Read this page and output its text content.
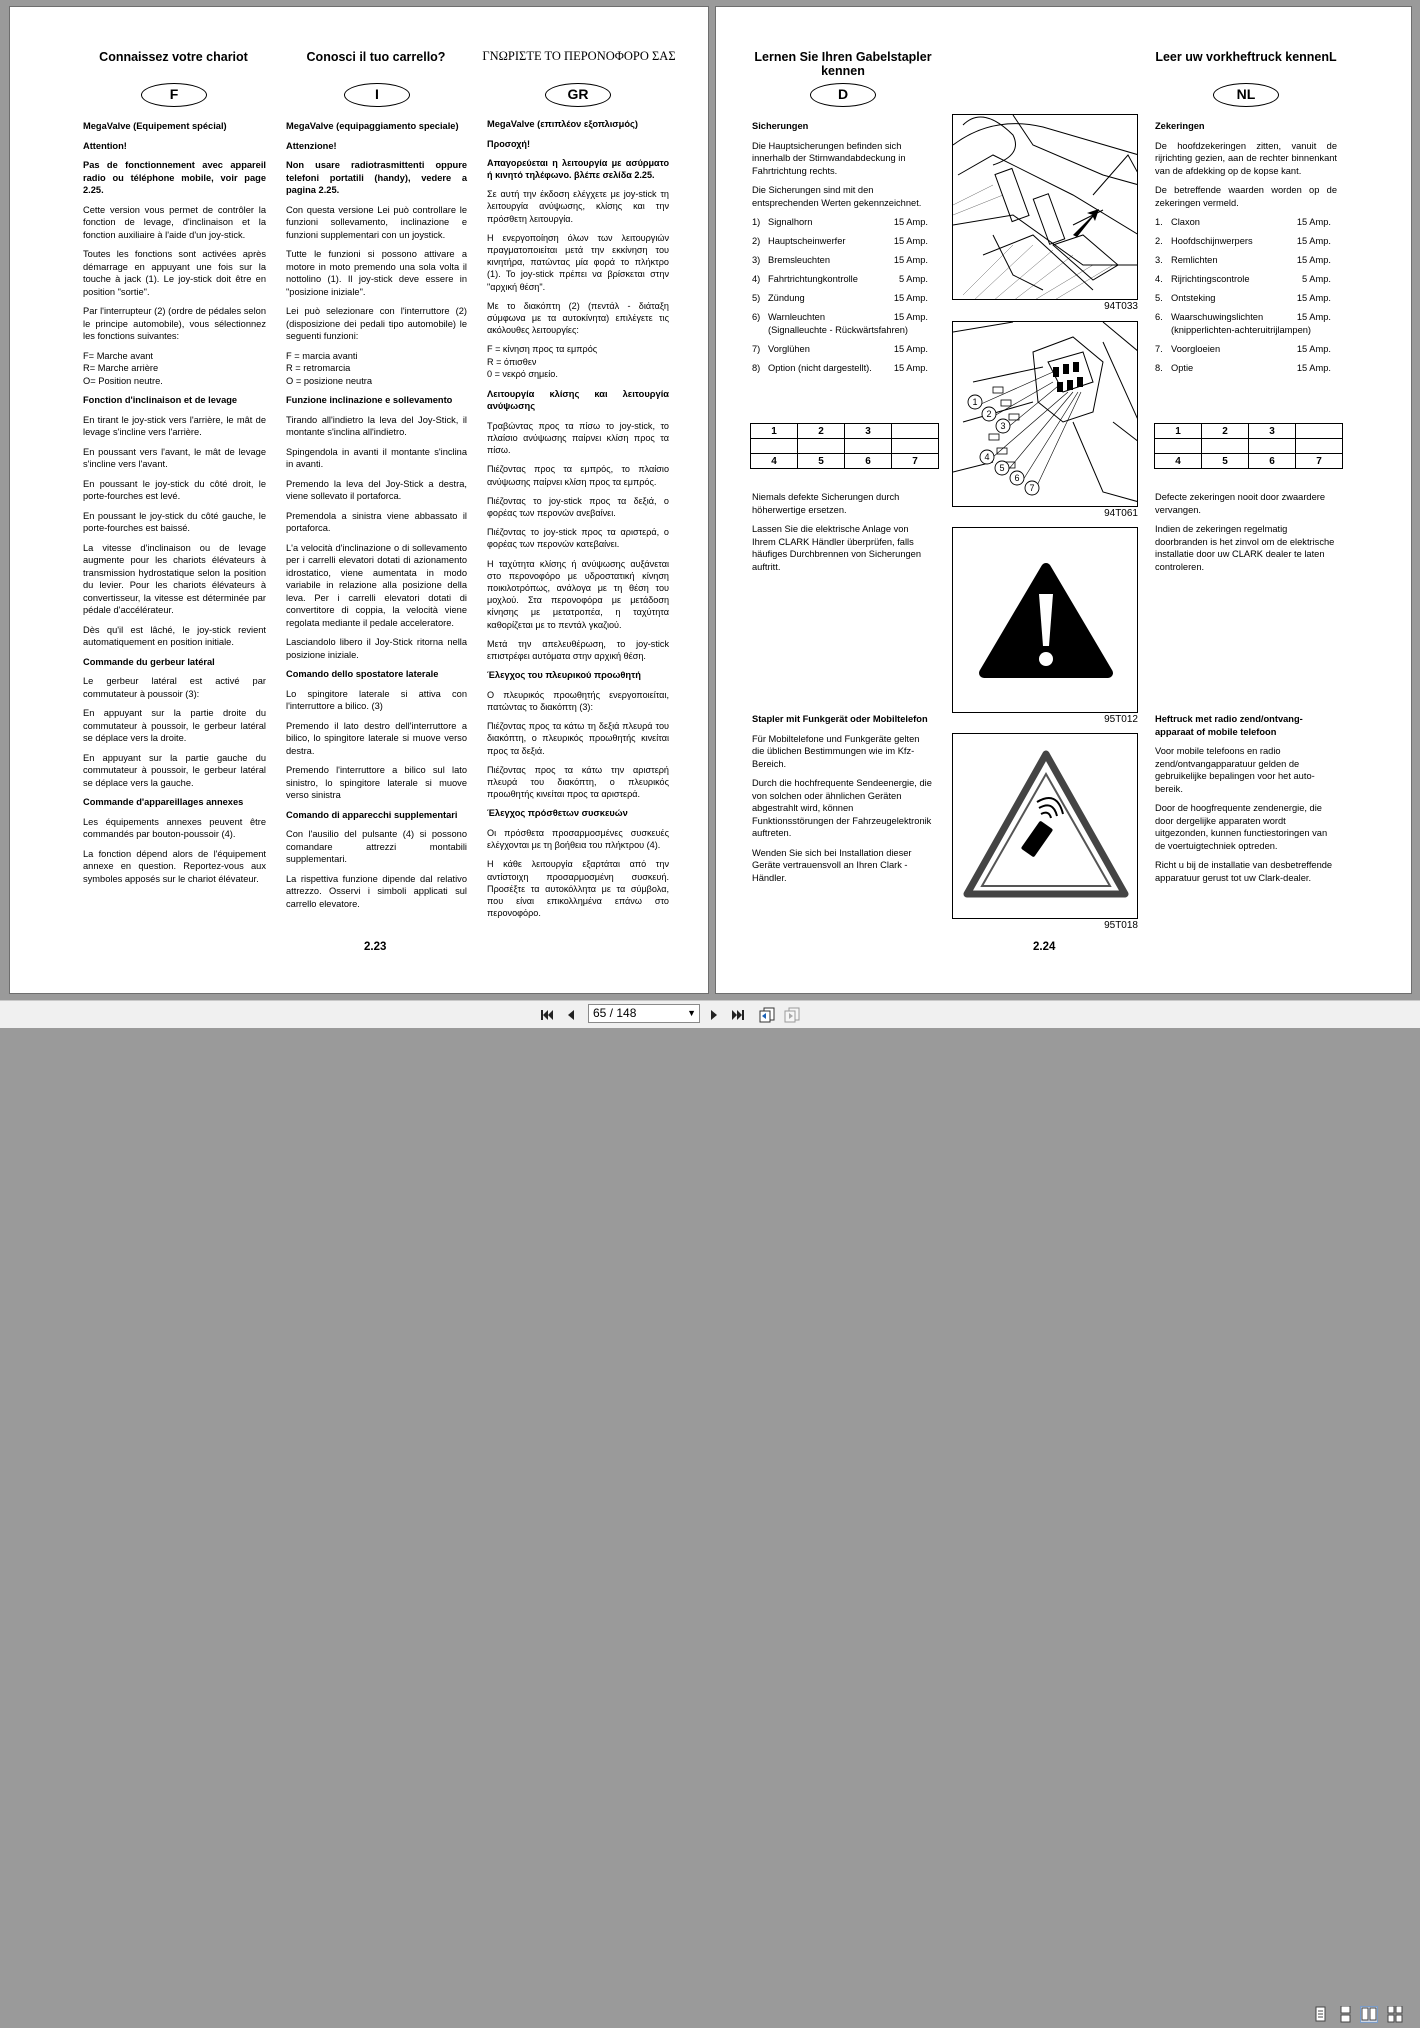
Connaissez votre chariot	Conosci il tuo carrello?	ΓΝΩΡΙΣΤΕ ΤΟ ΠΕΡΟΝΟΦΟΡΟ ΣΑΣ
F	I	GR
MegaValve (Equipement spécial)

Attention!

Pas de fonctionnement avec appareil radio ou téléphone mobile, voir page 2.25.

Cette version vous permet de contrôler la fonction de levage, d'inclinaison et la fonction auxiliaire à l'aide d'un joy-stick.

Toutes les fonctions sont activées après démarrage en appuyant une fois sur la touche à jack (1). Le joy-stick doit être en position "sortie".

Par l'interrupteur (2) (ordre de pédales selon le principe automobile), vous sélectionnez les fonctions suivantes:

F= Marche avant
R= Marche arrière
O= Position neutre.
Fonction d'inclinaison et de levage

En tirant le joy-stick vers l'arrière, le mât de levage s'incline vers l'arrière.

En poussant vers l'avant, le mât de levage s'incline vers l'avant.

En poussant le joy-stick du côté droit, le porte-fourches est levé.

En poussant le joy-stick du côté gauche, le porte-fourches est baissé.

La vitesse d'inclinaison ou de levage augmente pour les chariots élévateurs à transmission hydrostatique selon la position du levier. Pour les chariots élévateurs à convertisseur, la vitesse est déterminée par pédale d'accélérateur.

Dès qu'il est lâché, le joy-stick revient automatiquement en position initiale.

Commande du gerbeur latéral

Le gerbeur latéral est activé par commutateur à poussoir (3):

En appuyant sur la partie droite du commutateur à poussoir, le gerbeur latéral se déplace vers la droite.

En appuyant sur la partie gauche du commutateur à poussoir, le gerbeur latéral se déplace vers la gauche.

Commande d'appareillages annexes

Les équipements annexes peuvent être commandés par bouton-poussoir (4).

La fonction dépend alors de l'équipement annexe en question. Reportez-vous aux symboles apposés sur le chariot élévateur.

MegaValve (equipaggiamento speciale)

Attenzione!

Non usare radiotrasmittenti oppure telefoni portatili (handy), vedere a pagina 2.25.

Con questa versione Lei può controllare le funzioni sollevamento, inclinazione e funzioni supplementari con un joystick.

Tutte le funzioni si possono attivare a motore in moto premendo una sola volta il nottolino (1). Il joy-stick deve essere in "posizione iniziale".

Lei può selezionare con l'interruttore (2) (disposizione dei pedali tipo automobile) le seguenti funzioni:

F = marcia avanti
R = retromarcia
O = posizione neutra
Funzione inclinazione e sollevamento

Tirando all'indietro la leva del Joy-Stick, il montante s'inclina all'indietro.

Spingendola in avanti il montante s'inclina in avanti.

Premendo la leva del Joy-Stick a destra, viene sollevato il portaforca.

Premendola a sinistra viene abbassato il portaforca.

L'a velocità d'inclinazione o di sollevamento per i carrelli elevatori dotati di azionamento idrostatico, viene aumentata in modo variabile in relazione alla posizione della leva. Per i carrelli elevatori dotati di convertitore di coppia, la velocità viene regolata mediante il pedale acceleratore.

Lasciandolo libero il Joy-Stick ritorna nella posizione iniziale.

Comando dello spostatore laterale

Lo spingitore laterale si attiva con l'interruttore a bilico. (3)

Premendo il lato destro dell'interruttore a bilico, lo spingitore laterale si muove verso destra.

Premendo l'interruttore a bilico sul lato sinistro, lo spingitore laterale si muove verso sinistra

Comando di apparecchi supplementari

Con l'ausilio del pulsante (4) si possono comandare attrezzi montabili supplementari.

La rispettiva funzione dipende dal relativo attrezzo. Osservi i simboli applicati sul carrello elevatore.

MegaValve (επιπλέον εξοπλισμός)

Προσοχή!

Απαγορεύεται η λειτουργία με ασύρματο ή κινητό τηλέφωνο. βλέπε σελίδα 2.25.

Σε αυτή την έκδοση ελέγχετε με joy-stick τη λειτουργία ανύψωσης, κλίσης και την πρόσθετη λειτουργία.

Η ενεργοποίηση όλων των λειτουργιών πραγματοποιείται μετά την εκκίνηση του κινητήρα, πατώντας μία φορά το πλήκτρο (1). Το joy-stick πρέπει να βρίσκεται στην "αρχική θέση".

Με το διακόπτη (2) (πεντάλ - διάταξη σύμφωνα με τα αυτοκίνητα) επιλέγετε τις ακόλουθες λειτουργίες:

F = κίνηση προς τα εμπρός
R = όπισθεν
0 = νεκρό σημείο.
Λειτουργία κλίσης και λειτουργία ανύψωσης

Τραβώντας προς τα πίσω το joy-stick, το πλαίσιο ανύψωσης παίρνει κλίση προς τα πίσω.

Πιέζοντας προς τα εμπρός, το πλαίσιο ανύψωσης παίρνει κλίση προς τα εμπρός.

Πιέζοντας το joy-stick προς τα δεξιά, ο φορέας των περονών ανεβαίνει.

Πιέζοντας το joy-stick προς τα αριστερά, ο φορέας των περονών κατεβαίνει.

Η ταχύτητα κλίσης ή ανύψωσης αυξάνεται στο περονοφόρο με υδροστατική κίνηση ποικιλοτρόπως, ανάλογα με τη θέση του μοχλού. Στα περονοφόρα με μετάδοση κίνησης με μετατροπέα, η ταχύτητα καθορίζεται με το πεντάλ γκαζιού.

Μετά την απελευθέρωση, το joy-stick επιστρέφει αυτόματα στην αρχική θέση.

Έλεγχος του πλευρικού προωθητή

Ο πλευρικός προωθητής ενεργοποιείται, πατώντας το διακόπτη (3):

Πιέζοντας προς τα κάτω τη δεξιά πλευρά του διακόπτη, ο πλευρικός προωθητής κινείται προς τα δεξιά.

Πιέζοντας προς τα κάτω την αριστερή πλευρά του διακόπτη, ο πλευρικός προωθητής κινείται προς τα αριστερά.

Έλεγχος πρόσθετων συσκευών

Οι πρόσθετα προσαρμοσμένες συσκευές ελέγχονται με τη βοήθεια του πλήκτρου (4).

Η κάθε λειτουργία εξαρτάται από την αντίστοιχη προσαρμοσμένη συσκευή. Προσέξτε τα αυτοκόλλητα με τα σύμβολα, που είναι επικολλημένα επάνω στο περονοφόρο.

2.23
Lernen Sie Ihren Gabelstapler kennen
Leer uw vorkheftruck kennenL
D	NL
Sicherungen

Die Hauptsicherungen befinden sich innerhalb der Stirnwandabdeckung in Fahrtrichtung rechts.

Die Sicherungen sind mit den entsprechenden Werten gekennzeichnet.

1) Signalhorn	15 Amp.
2) Hauptscheinwerfer	15 Amp.
3) Bremsleuchten	15 Amp.
4) Fahrtrichtungkontrolle	5 Amp.
5) Zündung	15 Amp.
6) Warnleuchten	15 Amp.
(Signalleuchte - Rückwärtsfahren)
7) Vorglühen	15 Amp.
8) Option (nicht dargestellt).	15 Amp.
1	2	3	

4	5	6	7

Niemals defekte Sicherungen durch höherwertige ersetzen.

Lassen Sie die elektrische Anlage von Ihrem CLARK Händler überprüfen, falls häufiges Durchbrennen von Sicherungen auftritt.

Stapler mit Funkgerät oder Mobiltelefon

Für Mobiltelefone und Funkgeräte gelten die üblichen Bestimmungen wie im Kfz-Bereich.

Durch die hochfrequente Sendeenergie, die von solchen oder ähnlichen Geräten abgestrahlt wird, können Funktionsstörungen der Fahrzeugelektronik auftreten.

Wenden Sie sich bei Installation dieser Geräte vertrauensvoll an Ihren Clark -Händler.

94T033
1
2
3
4
5
6
7
94T061
95T012
95T018
Zekeringen

De hoofdzekeringen zitten, vanuit de rijrichting gezien, aan de rechter binnenkant van de afdekking op de kopse kant.

De betreffende waarden worden op de zekeringen vermeld.

1. Claxon	15 Amp.
2. Hoofdschijnwerpers	15 Amp.
3. Remlichten	15 Amp.
4. Rijrichtingscontrole	5 Amp.
5. Ontsteking	15 Amp.
6. Waarschuwingslichten	15 Amp.
(knipperlichten-achteruitrijlampen)
7. Voorgloeien	15 Amp.
8. Optie	15 Amp.
1	2	3	

4	5	6	7

Defecte zekeringen nooit door zwaardere vervangen.

Indien de zekeringen regelmatig doorbranden is het zinvol om de elektrische installatie door uw CLARK dealer te laten controleren.

Heftruck met radio zend/ontvang-apparaat of mobile telefoon

Voor mobile telefoons en radio zend/ontvangapparatuur gelden de gebruikelijke bepalingen voor het auto-bereik.

Door de hoogfrequente zendenergie, die door dergelijke apparaten wordt uitgezonden, kunnen functiestoringen van de voertuigtechniek optreden.

Richt u bij de installatie van desbetreffende apparatuur gerust tot uw Clark-dealer.

2.24
65 / 148	▼
